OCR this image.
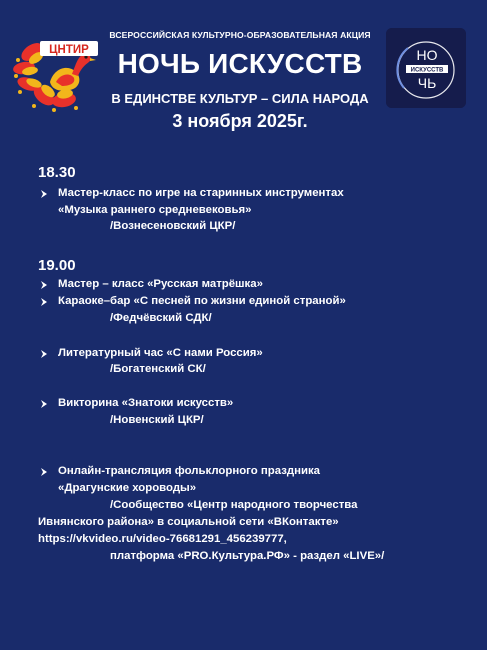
ЦНТИР	НО
ИСКУССТВ
ЧЬ
ВСЕРОССИЙСКАЯ КУЛЬТУРНО-ОБРАЗОВАТЕЛЬНАЯ АКЦИЯ
НОЧЬ ИСКУССТВ
В ЕДИНСТВЕ КУЛЬТУР – СИЛА НАРОДА
3 ноября 2025г.
18.30
Мастер-класс по игре на старинных инструментах
«Музыка раннего средневековья»
/Вознесеновский ЦКР/
19.00
Мастер – класс «Русская матрёшка»
Караоке–бар «С песней по жизни единой страной»
/Федчёвский СДК/
Литературный час «С нами Россия»
/Богатенский СК/
Викторина «Знатоки искусств»
/Новенский ЦКР/
Онлайн-трансляция фольклорного праздника
«Драгунские хороводы»
/Сообщество «Центр народного творчества
Ивнянского района» в социальной сети «ВКонтакте»
https://vkvideo.ru/video-76681291_456239777,
платформа «PRO.Культура.РФ» - раздел «LIVE»/
